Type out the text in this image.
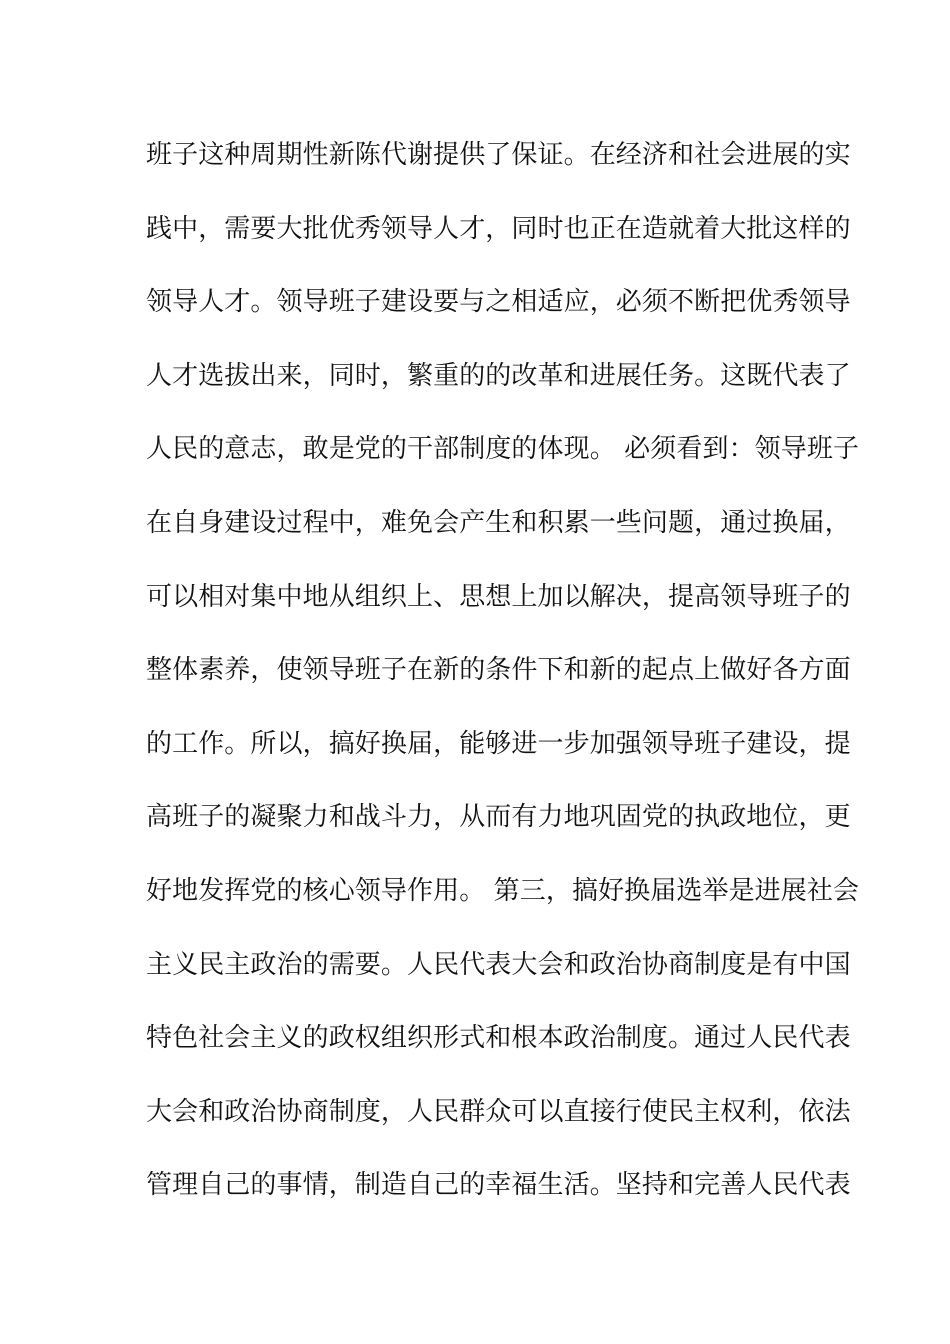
班子这种周期性新陈代谢提供了保证。在经济和社会进展的实
践中，需要大批优秀领导人才，同时也正在造就着大批这样的
领导人才。领导班子建设要与之相适应，必须不断把优秀领导
人才选拔出来，同时，繁重的的改革和进展任务。这既代表了
人民的意志，敢是党的干部制度的体现。 必须看到：领导班子
在自身建设过程中，难免会产生和积累一些问题，通过换届，
可以相对集中地从组织上、思想上加以解决，提高领导班子的
整体素养，使领导班子在新的条件下和新的起点上做好各方面
的工作。所以，搞好换届，能够进一步加强领导班子建设，提
高班子的凝聚力和战斗力，从而有力地巩固党的执政地位，更
好地发挥党的核心领导作用。 第三，搞好换届选举是进展社会
主义民主政治的需要。人民代表大会和政治协商制度是有中国
特色社会主义的政权组织形式和根本政治制度。通过人民代表
大会和政治协商制度，人民群众可以直接行使民主权利，依法
管理自己的事情，制造自己的幸福生活。坚持和完善人民代表
